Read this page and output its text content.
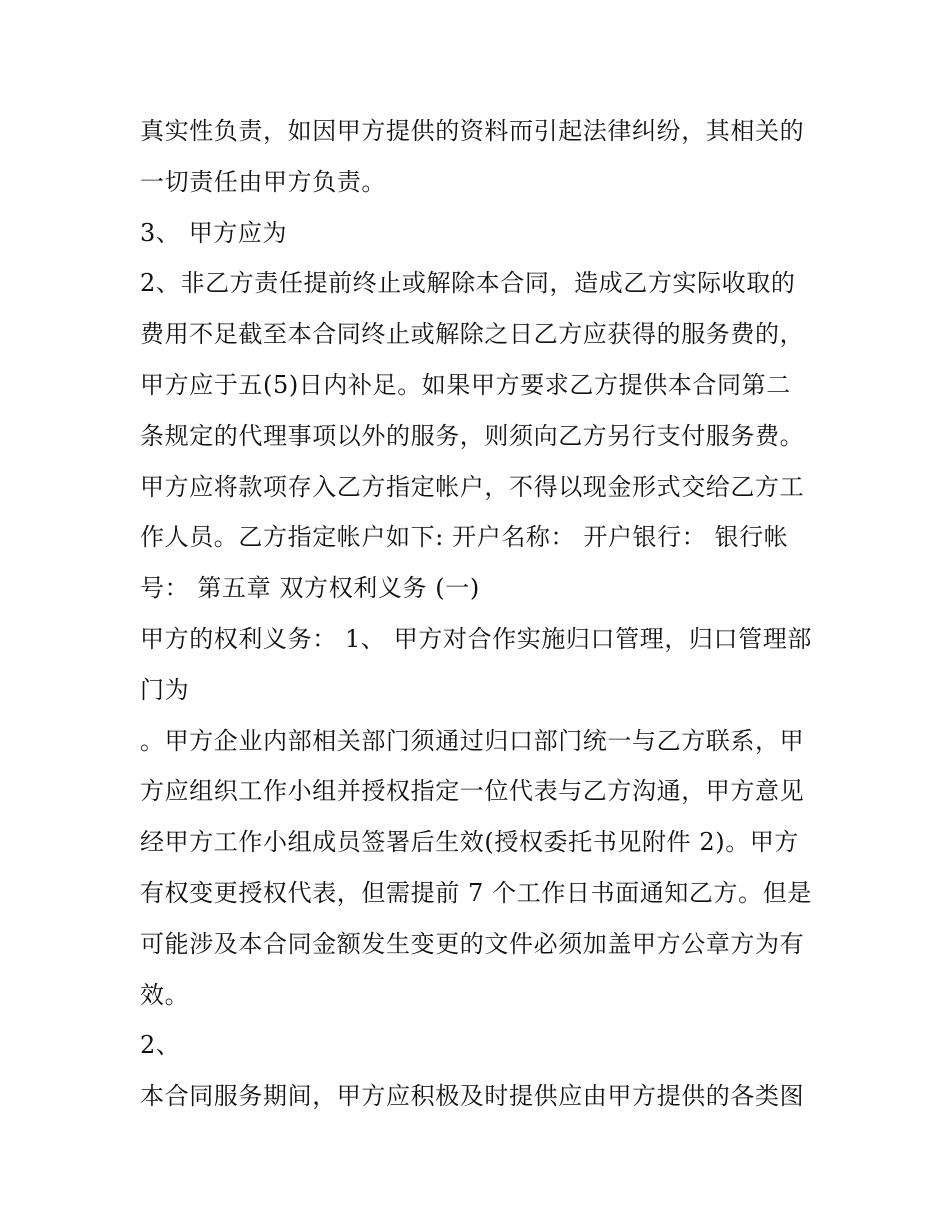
真实性负责，如因甲方提供的资料而引起法律纠纷，其相关的
一切责任由甲方负责。
3、 甲方应为
2、非乙方责任提前终止或解除本合同，造成乙方实际收取的
费用不足截至本合同终止或解除之日乙方应获得的服务费的，
甲方应于五(5)日内补足。如果甲方要求乙方提供本合同第二
条规定的代理事项以外的服务，则须向乙方另行支付服务费。
甲方应将款项存入乙方指定帐户，不得以现金形式交给乙方工
作人员。乙方指定帐户如下: 开户名称： 开户银行： 银行帐
号： 第五章 双方权利义务 (一)
甲方的权利义务： 1、 甲方对合作实施归口管理，归口管理部
门为
。甲方企业内部相关部门须通过归口部门统一与乙方联系，甲
方应组织工作小组并授权指定一位代表与乙方沟通，甲方意见
经甲方工作小组成员签署后生效(授权委托书见附件 2)。甲方
有权变更授权代表，但需提前 7 个工作日书面通知乙方。但是
可能涉及本合同金额发生变更的文件必须加盖甲方公章方为有
效。
2、
本合同服务期间，甲方应积极及时提供应由甲方提供的各类图
